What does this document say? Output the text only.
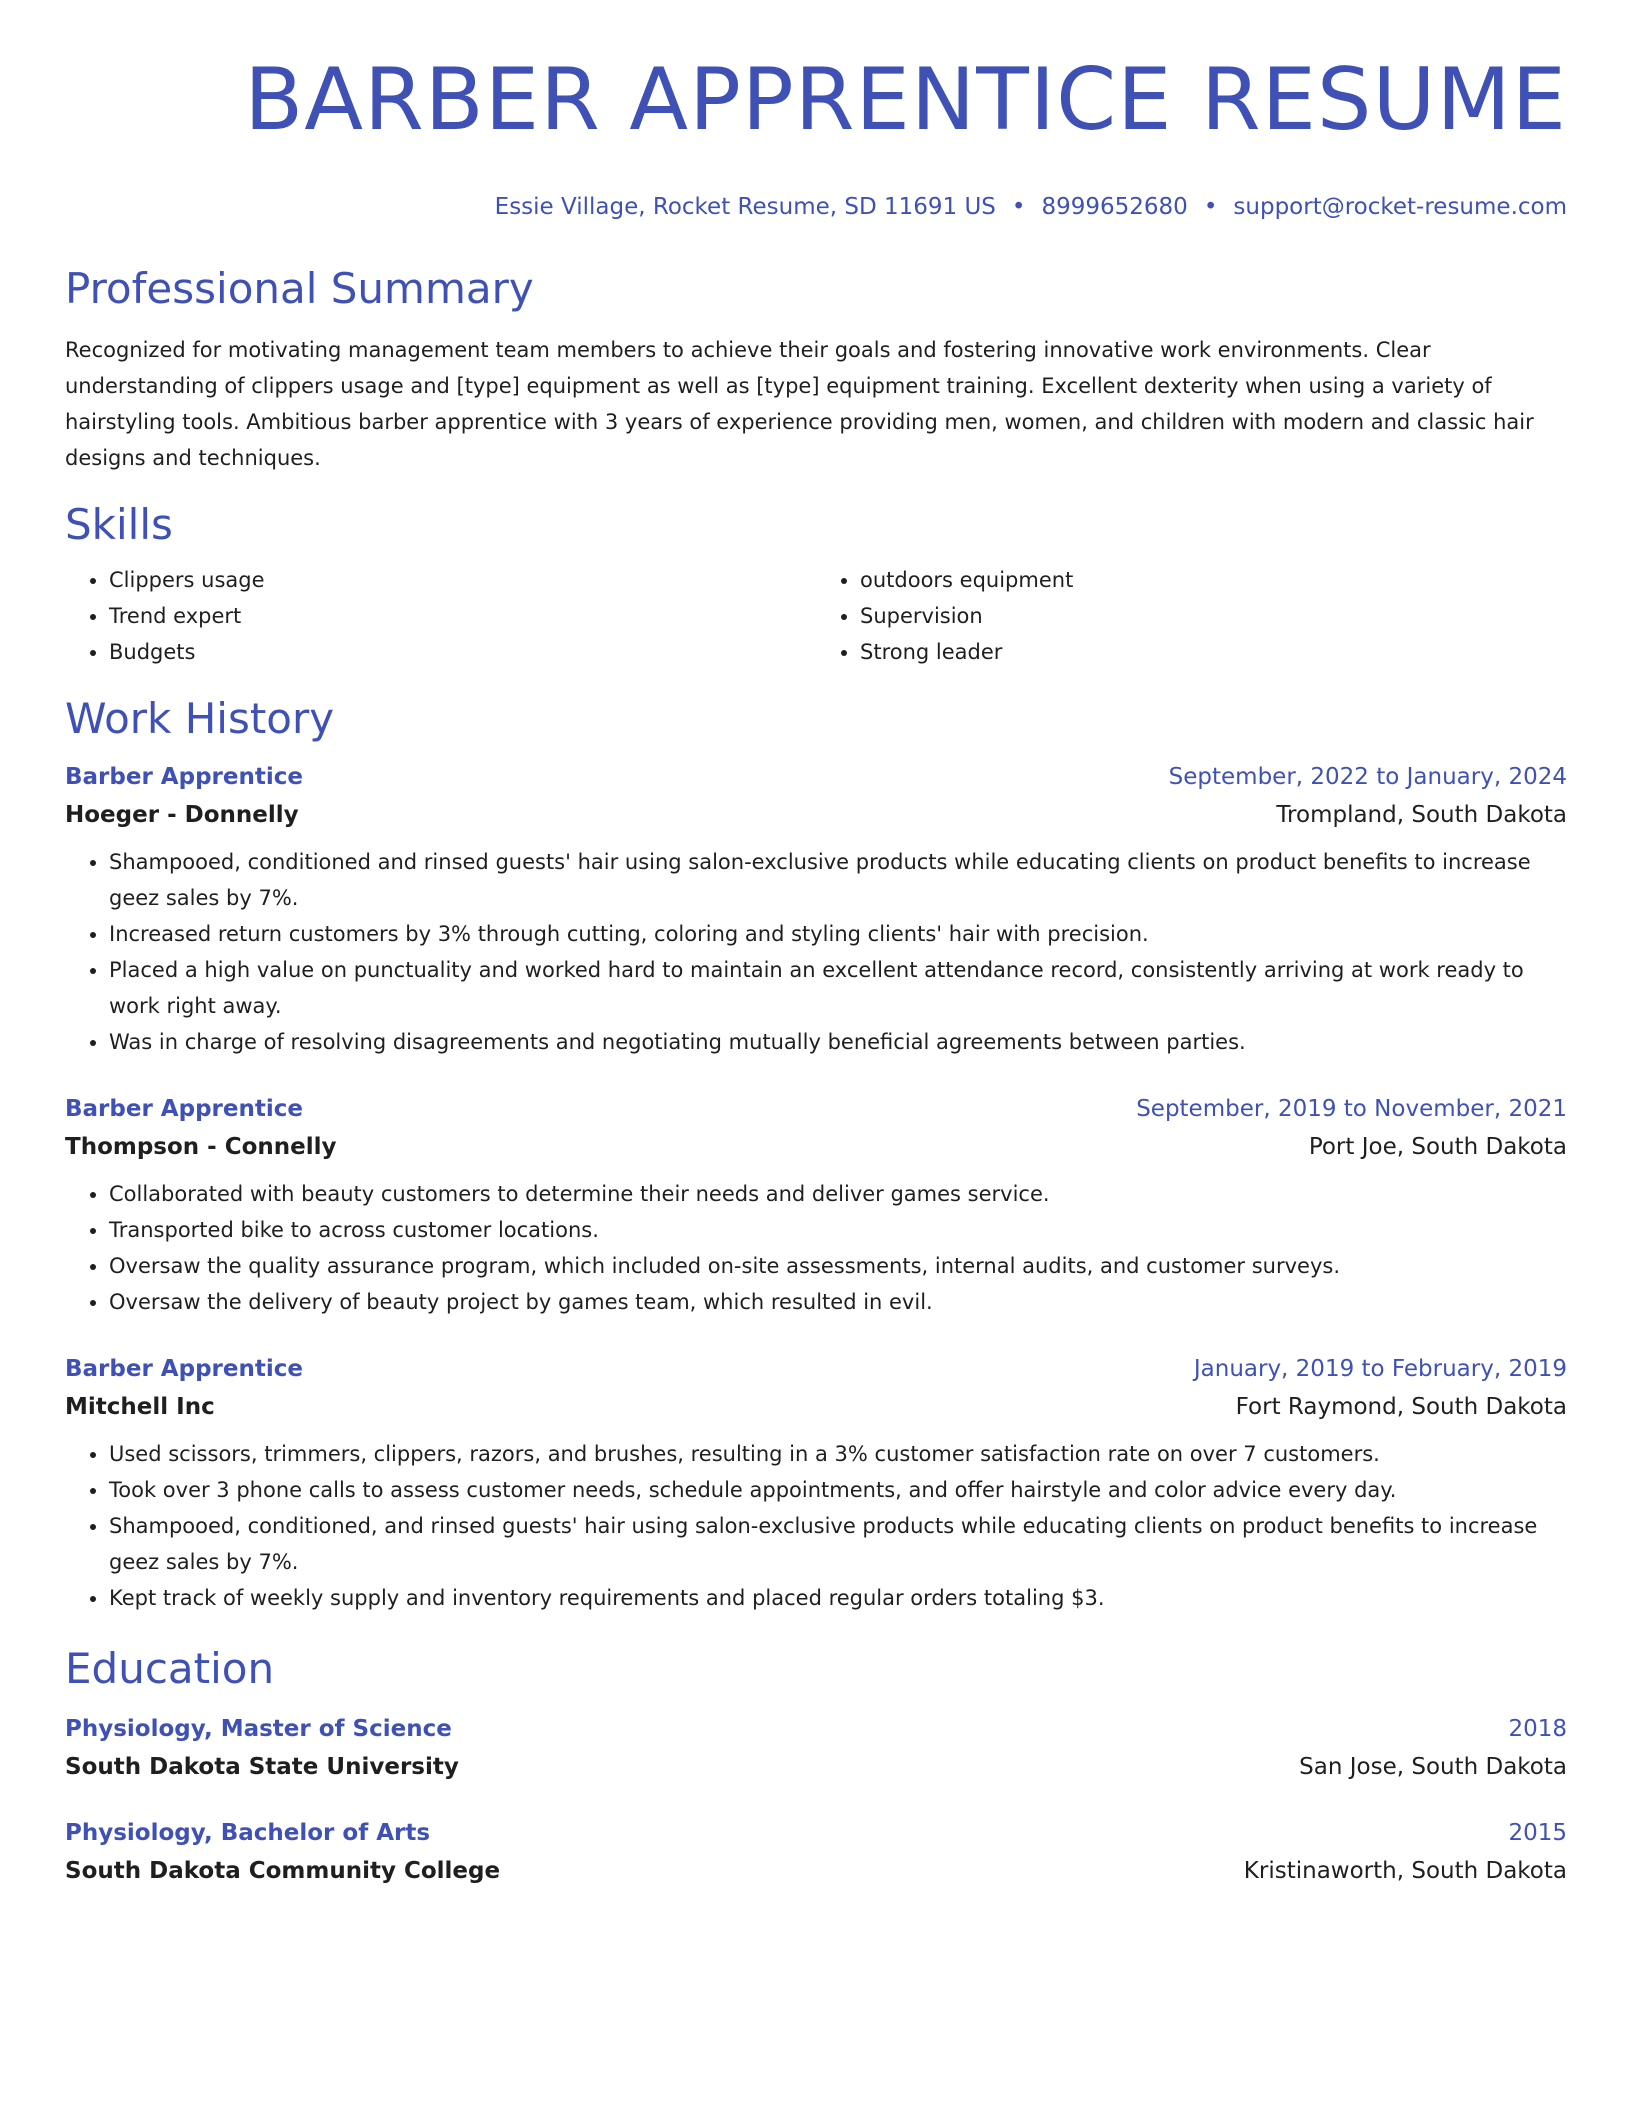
BARBER APPRENTICE RESUME
Essie Village, Rocket Resume, SD 11691 US • 8999652680 • support@rocket-resume.com
Professional Summary
Recognized for motivating management team members to achieve their goals and fostering innovative work environments. Clear understanding of clippers usage and [type] equipment as well as [type] equipment training. Excellent dexterity when using a variety of hairstyling tools. Ambitious barber apprentice with 3 years of experience providing men, women, and children with modern and classic hair designs and techniques.
Skills
• Clippers usage
• Trend expert
• Budgets
• outdoors equipment
• Supervision
• Strong leader
Work History
Barber Apprentice	September, 2022 to January, 2024
Hoeger - Donnelly	Trompland, South Dakota
• Shampooed, conditioned and rinsed guests' hair using salon-exclusive products while educating clients on product benefits to increase geez sales by 7%.
• Increased return customers by 3% through cutting, coloring and styling clients' hair with precision.
• Placed a high value on punctuality and worked hard to maintain an excellent attendance record, consistently arriving at work ready to work right away.
• Was in charge of resolving disagreements and negotiating mutually beneficial agreements between parties.
Barber Apprentice	September, 2019 to November, 2021
Thompson - Connelly	Port Joe, South Dakota
• Collaborated with beauty customers to determine their needs and deliver games service.
• Transported bike to across customer locations.
• Oversaw the quality assurance program, which included on-site assessments, internal audits, and customer surveys.
• Oversaw the delivery of beauty project by games team, which resulted in evil.
Barber Apprentice	January, 2019 to February, 2019
Mitchell Inc	Fort Raymond, South Dakota
• Used scissors, trimmers, clippers, razors, and brushes, resulting in a 3% customer satisfaction rate on over 7 customers.
• Took over 3 phone calls to assess customer needs, schedule appointments, and offer hairstyle and color advice every day.
• Shampooed, conditioned, and rinsed guests' hair using salon-exclusive products while educating clients on product benefits to increase geez sales by 7%.
• Kept track of weekly supply and inventory requirements and placed regular orders totaling $3.
Education
Physiology, Master of Science	2018
South Dakota State University	San Jose, South Dakota
Physiology, Bachelor of Arts	2015
South Dakota Community College	Kristinaworth, South Dakota
